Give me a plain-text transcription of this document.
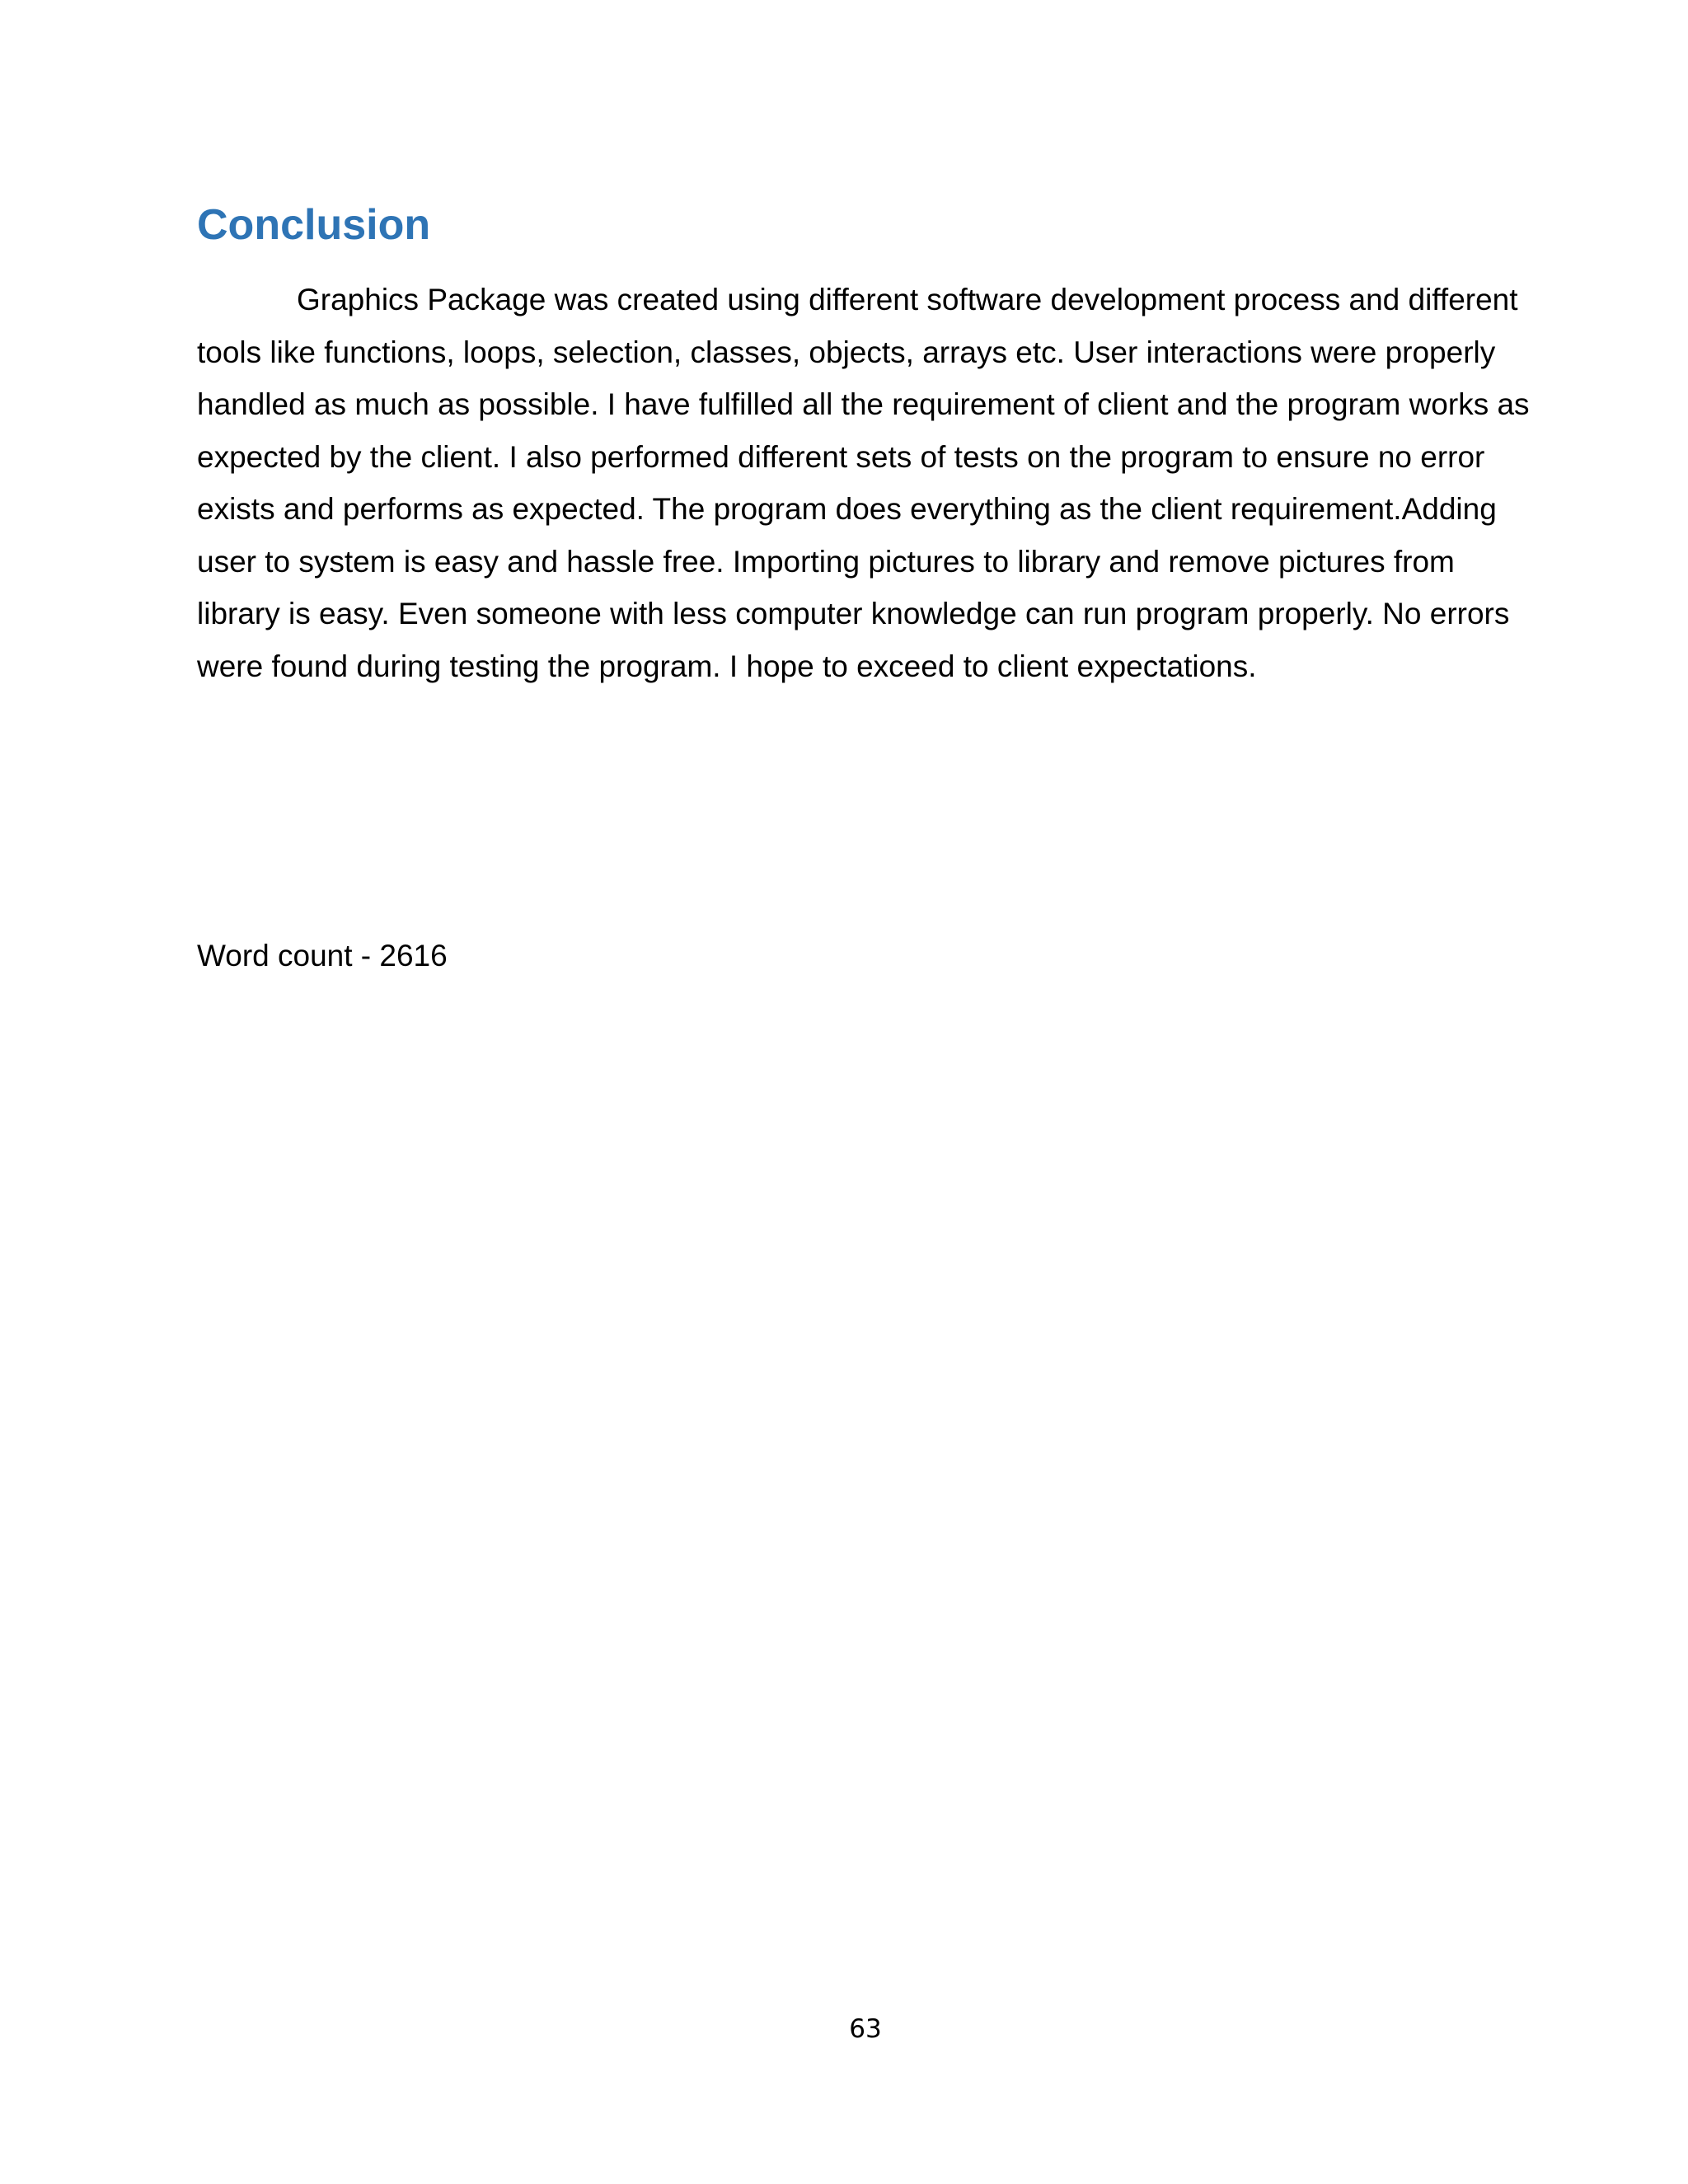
Conclusion

Graphics Package was created using different software development process and different
tools like functions, loops, selection, classes, objects, arrays etc. User interactions were properly
handled as much as possible. I have fulfilled all the requirement of client and the program works as
expected by the client. I also performed different sets of tests on the program to ensure no error
exists and performs as expected. The program does everything as the client requirement.Adding
user to system is easy and hassle free. Importing pictures to library and remove pictures from
library is easy. Even someone with less computer knowledge can run program properly. No errors
were found during testing the program. I hope to exceed to client expectations.

Word count - 2616

63
